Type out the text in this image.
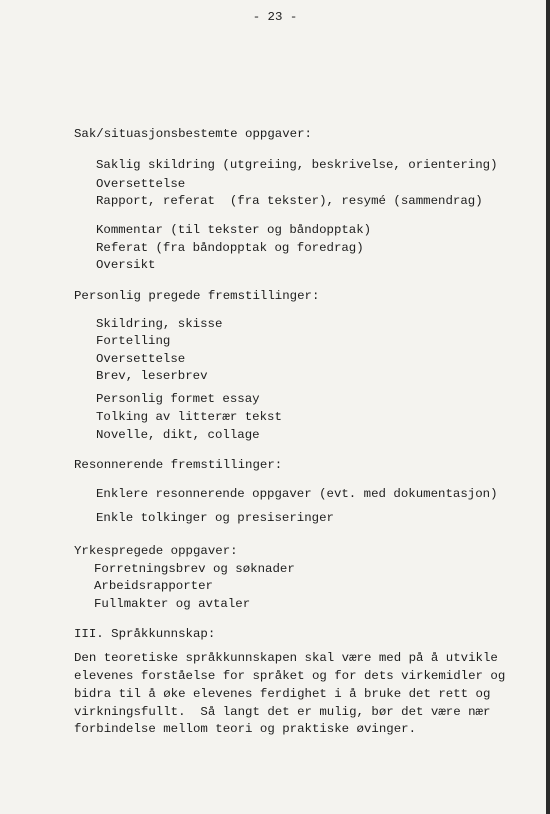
- 23 -
Sak/situasjonsbestemte oppgaver:
Saklig skildring (utgreiing, beskrivelse, orientering)
Oversettelse
Rapport, referat  (fra tekster), resymé (sammendrag)
Kommentar (til tekster og båndopptak)
Referat (fra båndopptak og foredrag)
Oversikt
Personlig pregede fremstillinger:
Skildring, skisse
Fortelling
Oversettelse
Brev, leserbrev
Personlig formet essay
Tolking av litterær tekst
Novelle, dikt, collage
Resonnerende fremstillinger:
Enklere resonnerende oppgaver (evt. med dokumentasjon)
Enkle tolkinger og presiseringer
Yrkespregede oppgaver:
Forretningsbrev og søknader
Arbeidsrapporter
Fullmakter og avtaler
III. Språkkunnskap:
Den teoretiske språkkunnskapen skal være med på å utvikle
elevenes forståelse for språket og for dets virkemidler og
bidra til å øke elevenes ferdighet i å bruke det rett og
virkningsfullt.  Så langt det er mulig, bør det være nær
forbindelse mellom teori og praktiske øvinger.
